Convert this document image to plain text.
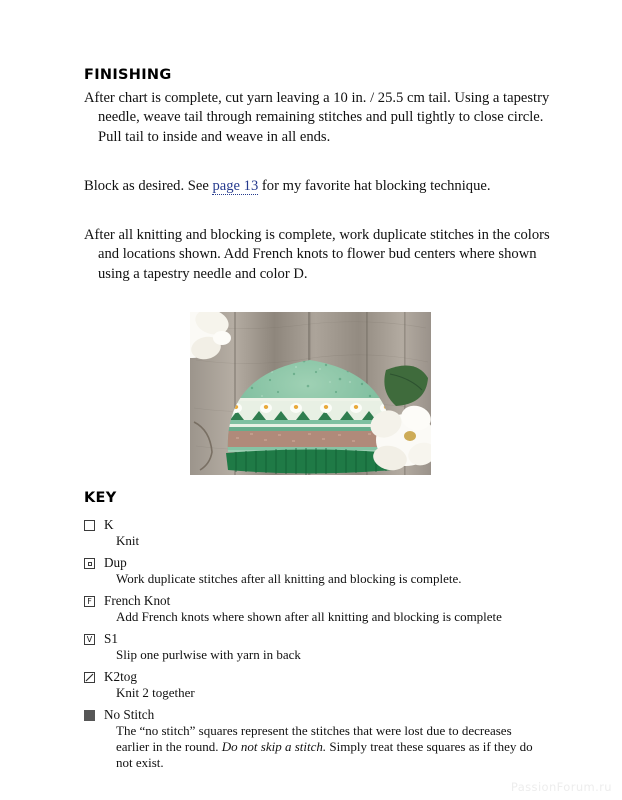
FINISHING
After chart is complete, cut yarn leaving a 10 in. / 25.5 cm tail. Using a tapestry needle, weave tail through remaining stitches and pull tightly to close circle. Pull tail to inside and weave in all ends.
Block as desired. See page 13 for my favorite hat blocking technique.
After all knitting and blocking is complete, work duplicate stitches in the colors and locations shown. Add French knots to flower bud centers where shown using a tapestry needle and color D.
KEY
K
Knit
Dup
Work duplicate stitches after all knitting and blocking is complete.
F French Knot
Add French knots where shown after all knitting and blocking is complete
V S1
Slip one purlwise with yarn in back
K2tog
Knit 2 together
No Stitch
The “no stitch” squares represent the stitches that were lost due to decreases earlier in the round. Do not skip a stitch. Simply treat these squares as if they do not exist.
PassionForum.ru
